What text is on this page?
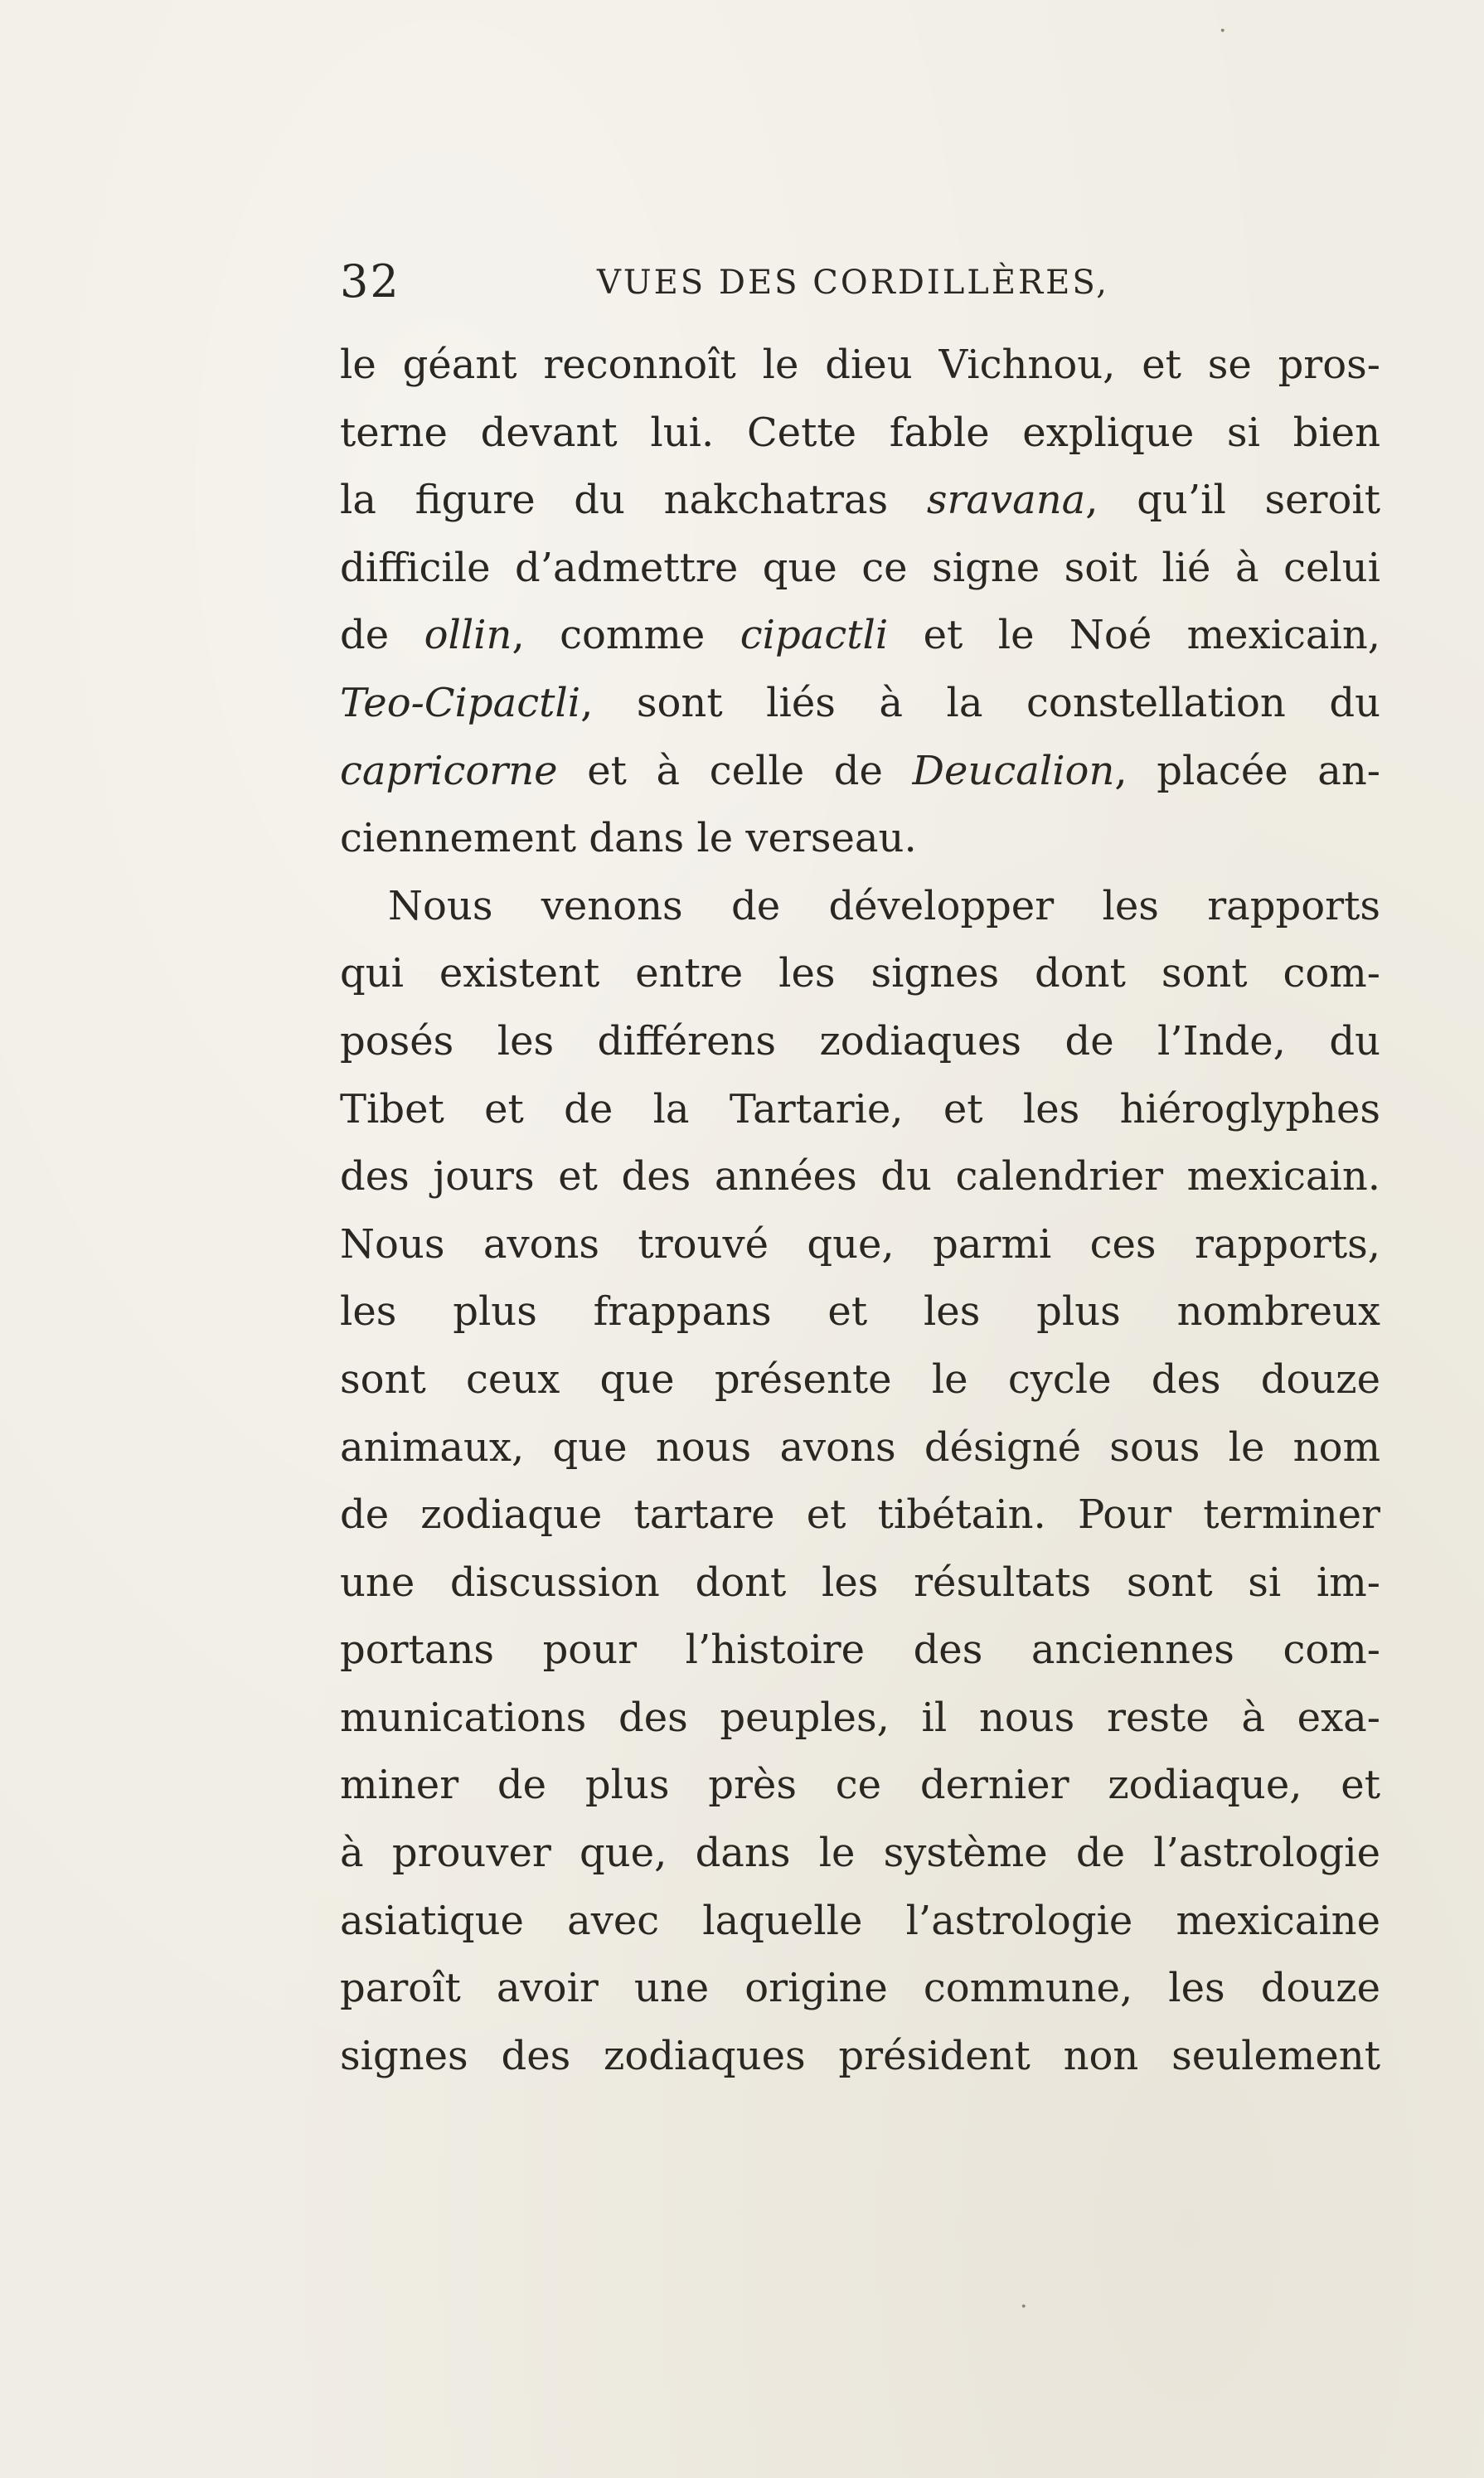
32	VUES DES CORDILLÈRES,
le géant reconnoît le dieu Vichnou, et se pros-
terne devant lui. Cette fable explique si bien
la figure du nakchatras sravana, qu’il seroit
difficile d’admettre que ce signe soit lié à celui
de ollin, comme cipactli et le Noé mexicain,
Teo-Cipactli, sont liés à la constellation du
capricorne et à celle de Deucalion, placée an-
ciennement dans le verseau.
Nous venons de développer les rapports
qui existent entre les signes dont sont com-
posés les différens zodiaques de l’Inde, du
Tibet et de la Tartarie, et les hiéroglyphes
des jours et des années du calendrier mexicain.
Nous avons trouvé que, parmi ces rapports,
les plus frappans et les plus nombreux
sont ceux que présente le cycle des douze
animaux, que nous avons désigné sous le nom
de zodiaque tartare et tibétain. Pour terminer
une discussion dont les résultats sont si im-
portans pour l’histoire des anciennes com-
munications des peuples, il nous reste à exa-
miner de plus près ce dernier zodiaque, et
à prouver que, dans le système de l’astrologie
asiatique avec laquelle l’astrologie mexicaine
paroît avoir une origine commune, les douze
signes des zodiaques président non seulement
·
·
